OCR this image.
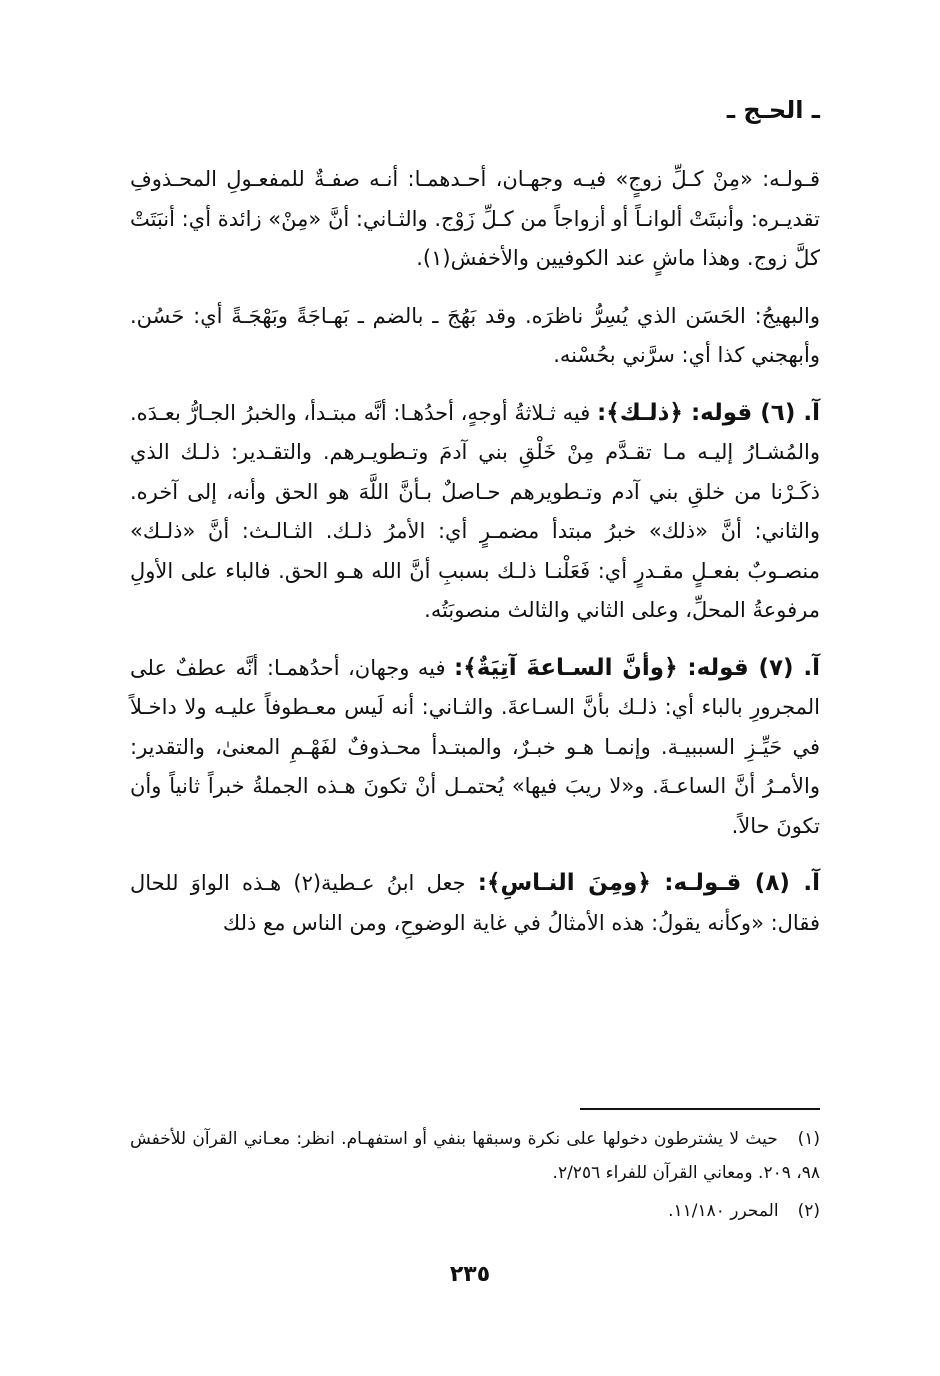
ـ الحـج ـ

قـولـه: «مِنْ كـلِّ زوجٍ» فيـه وجهـان، أحـدهمـا: أنـه صفـةٌ للمفعـولِ المحـذوفِ تقديـره: وأنبتَتْ ألوانـاً أو أزواجاً من كـلِّ زَوْج. والثـاني: أنَّ «مِنْ» زائدة أي: أنبَتَتْ كلَّ زوج. وهذا ماشٍ عند الكوفيين والأخفش(١).

والبهيجُ: الحَسَن الذي يُسِرُّ ناظرَه. وقد بَهُجَ ـ بالضم ـ بَهـاجَةً وبَهْجَـةً أي: حَسُن. وأبهجني كذا أي: سرَّني بحُسْنه.

آ. (٦) قوله: ﴿ذلـك﴾: فيه ثـلاثةُ أوجهٍ، أحدُهـا: أنَّه مبتـدأ، والخبرُ الجـارُّ بعـدَه. والمُشـارُ إليـه مـا تقـدَّم مِنْ خَلْقِ بني آدمَ وتـطويـرهم. والتقـدير: ذلـك الذي ذكَـرْنا من خلقِ بني آدم وتـطويرهم حـاصلٌ بـأنَّ اللَّهَ هو الحق وأنه، إلى آخره. والثاني: أنَّ «ذلك» خبرُ مبتدأ مضمـرٍ أي: الأمرُ ذلـك. الثـالـث: أنَّ «ذلـك» منصـوبٌ بفعـلٍ مقـدرٍ أي: فَعَلْنـا ذلـك بسببِ أنَّ الله هـو الحق. فالباء على الأولِ مرفوعةُ المحلِّ، وعلى الثاني والثالث منصوبَتُه.

آ. (٧) قوله: ﴿وأنَّ السـاعةَ آتِيَةٌ﴾: فيه وجهان، أحدُهمـا: أنَّه عطفٌ على المجرورِ بالباء أي: ذلـك بأنَّ السـاعةَ. والثـاني: أنه لَيس معـطوفاً عليـه ولا داخـلاً في حَيِّـزِ السببيـة. وإنمـا هـو خبـرٌ، والمبتـدأ محـذوفٌ لفَهْـمِ المعنىٰ، والتقدير: والأمـرُ أنَّ الساعـةَ. و«لا ريبَ فيها» يُحتمـل أنْ تكونَ هـذه الجملةُ خبراً ثانياً وأن تكونَ حالاً.

آ. (٨) قـولـه: ﴿ومِنَ النـاسِ﴾: جعل ابنُ عـطية(٢) هـذه الواوَ للحال فقال: «وكأنه يقولُ: هذه الأمثالُ في غاية الوضوحِ، ومن الناس مع ذلك

(١) حيث لا يشترطون دخولها على نكرة وسبقها بنفي أو استفهـام. انظر: معـاني القرآن للأخفش ٩٨، ٢٠٩. ومعاني القرآن للفراء ٢/٢٥٦.

(٢) المحرر ١١/١٨٠.

٢٣٥
